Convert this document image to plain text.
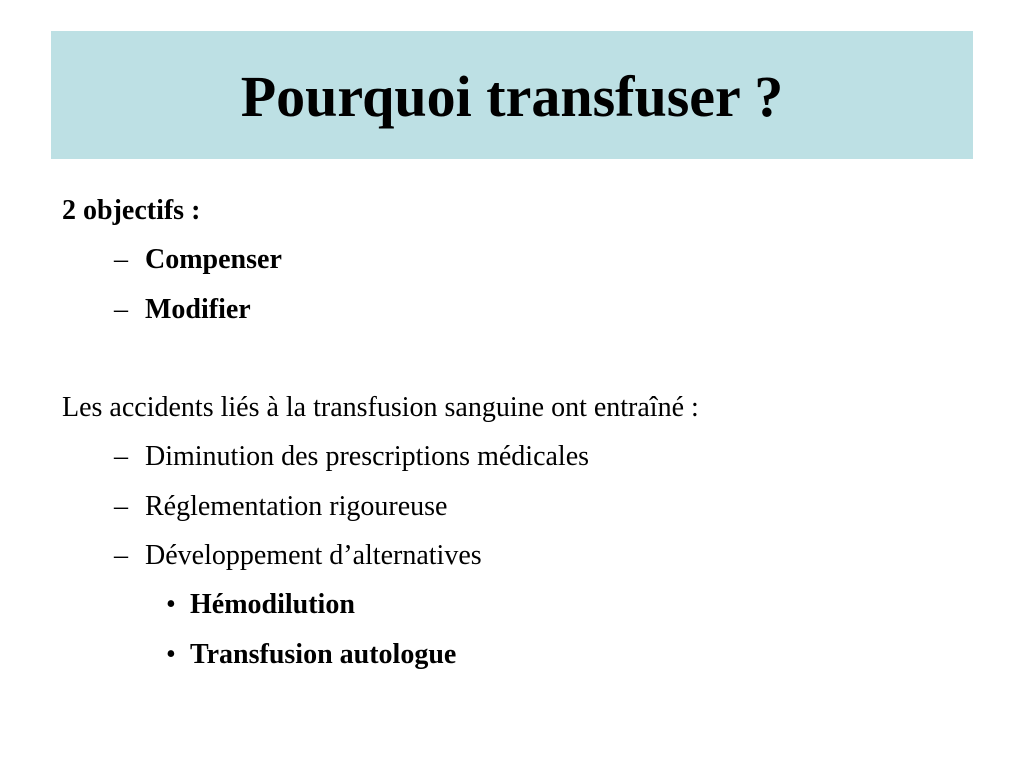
Pourquoi transfuser ?
2 objectifs :
– Compenser
– Modifier
Les accidents liés à la transfusion sanguine ont entraîné :
– Diminution des prescriptions médicales
– Réglementation rigoureuse
– Développement d’alternatives
• Hémodilution
• Transfusion autologue
